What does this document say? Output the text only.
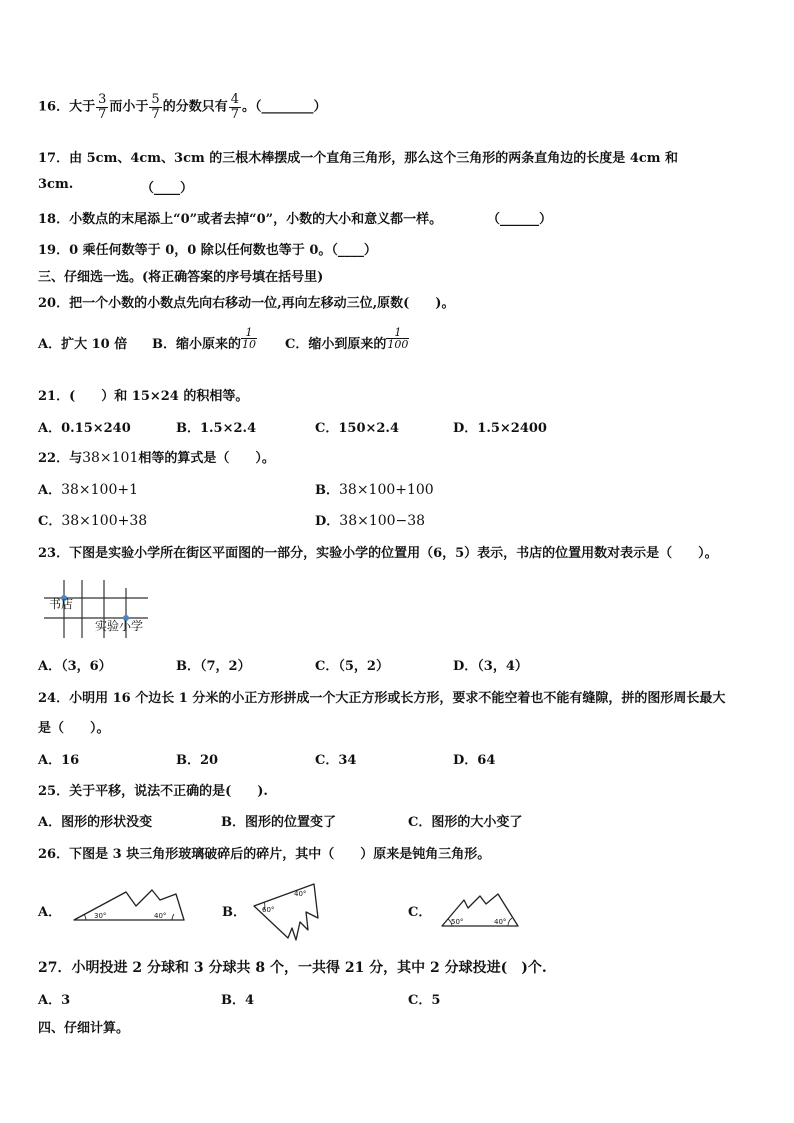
16．大于 $\frac{3}{7}$ 而小于 $\frac{5}{7}$ 的分数只有 $\frac{4}{7}$ 。（________）
17．由 5cm、4cm、3cm 的三根木棒摆成一个直角三角形，那么这个三角形的两条直角边的长度是 4cm 和
3cm.	（____）
18．小数点的末尾添上“0”或者去掉“0”，小数的大小和意义都一样。	（______）
19．0 乘任何数等于 0，0 除以任何数也等于 0。（____）
三、仔细选一选。(将正确答案的序号填在括号里)
20．把一个小数的小数点先向右移动一位,再向左移动三位,原数(　　)。
A．扩大 10 倍 B．缩小原来的 $\frac{1}{10}$ C．缩小到原来的 $\frac{1}{100}$
21．(　　）和 15×24 的积相等。
A．0.15×240	B．1.5×2.4	C．150×2.4	D．1.5×2400
22．与38×101相等的算式是（　　）。
A．38×100+1	B．38×100+100
C．38×100+38	D．38×100−38
23．下图是实验小学所在街区平面图的一部分，实验小学的位置用（6，5）表示，书店的位置用数对表示是（　　）。
书店
实验小学
A．（3，6）	B．（7，2）	C．（5，2）	D．（3，4）
24．小明用 16 个边长 1 分米的小正方形拼成一个大正方形或长方形，要求不能空着也不能有缝隙，拼的图形周长最大
是（　　）。
A．16	B．20	C．34	D．64
25．关于平移，说法不正确的是(　　).
A．图形的形状没变	B．图形的位置变了	C．图形的大小变了
26．下图是 3 块三角形玻璃破碎后的碎片，其中（　　）原来是钝角三角形。
A．	30°	40°	B． 60°
40°
C．
50°	40°
27．小明投进 2 分球和 3 分球共 8 个，一共得 21 分，其中 2 分球投进(　)个.
A．3	B．4	C．5
四、仔细计算。
